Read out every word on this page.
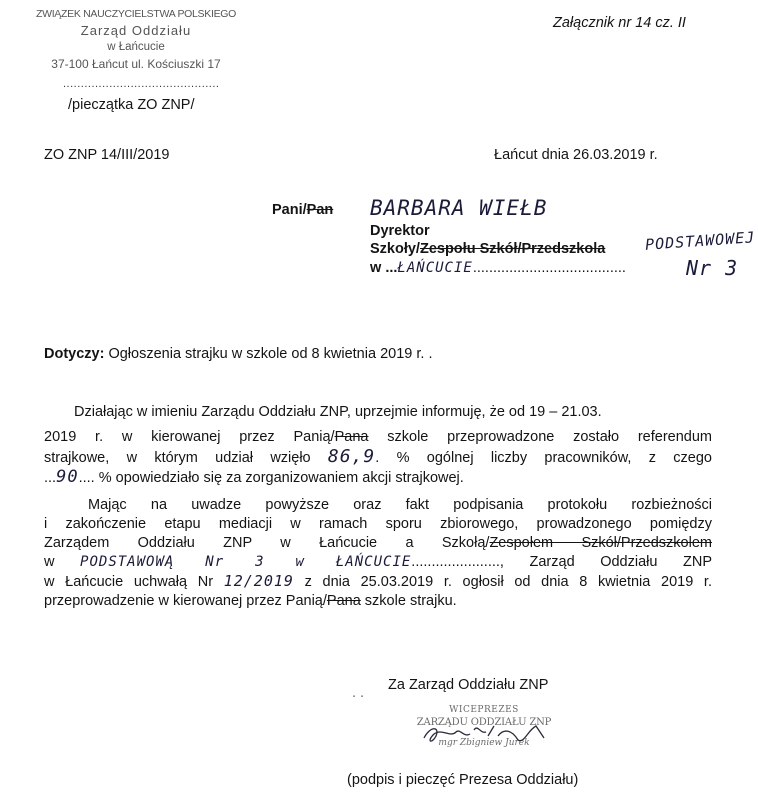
ZWIĄZEK NAUCZYCIELSTWA POLSKIEGO
Zarząd Oddziału
w Łańcucie
37-100 Łańcut ul. Kościuszki 17
............................................
/pieczątka ZO ZNP/
Załącznik nr 14 cz. II
ZO ZNP 14/III/2019	Łańcut dnia 26.03.2019 r.
Pani/Pan BARBARA WIEŁB
Dyrektor
Szkoły/Zespołu Szkół/Przedszkola	PODSTAWOWEJ
Nr 3
w ...ŁAŃCUCIE......................................
Dotyczy: Ogłoszenia strajku w szkole od 8 kwietnia 2019 r. .
Działając w imieniu Zarządu Oddziału ZNP, uprzejmie informuję, że od 19 – 21.03.
2019 r. w kierowanej przez Panią/Pana szkole przeprowadzone zostało referendum
strajkowe, w którym udział wzięło 86,9. % ogólnej liczby pracowników, z czego
...90.... % opowiedziało się za zorganizowaniem akcji strajkowej.
Mając na uwadze powyższe oraz fakt podpisania protokołu rozbieżności
i zakończenie etapu mediacji w ramach sporu zbiorowego, prowadzonego pomiędzy
Zarządem Oddziału ZNP w Łańcucie a Szkołą/Zespołem Szkół/Przedszkolem
w PODSTAWOWĄ Nr 3 w ŁAŃCUCIE......................, Zarząd Oddziału ZNP
w Łańcucie uchwałą Nr 12/2019 z dnia 25.03.2019 r. ogłosił od dnia 8 kwietnia 2019 r.
przeprowadzenie w kierowanej przez Panią/Pana szkole strajku.
. . Za Zarząd Oddziału ZNP
WICEPREZES
ZARZĄDU ODDZIAŁU ZNP
mgr Zbigniew Jurek
(podpis i pieczęć Prezesa Oddziału)
